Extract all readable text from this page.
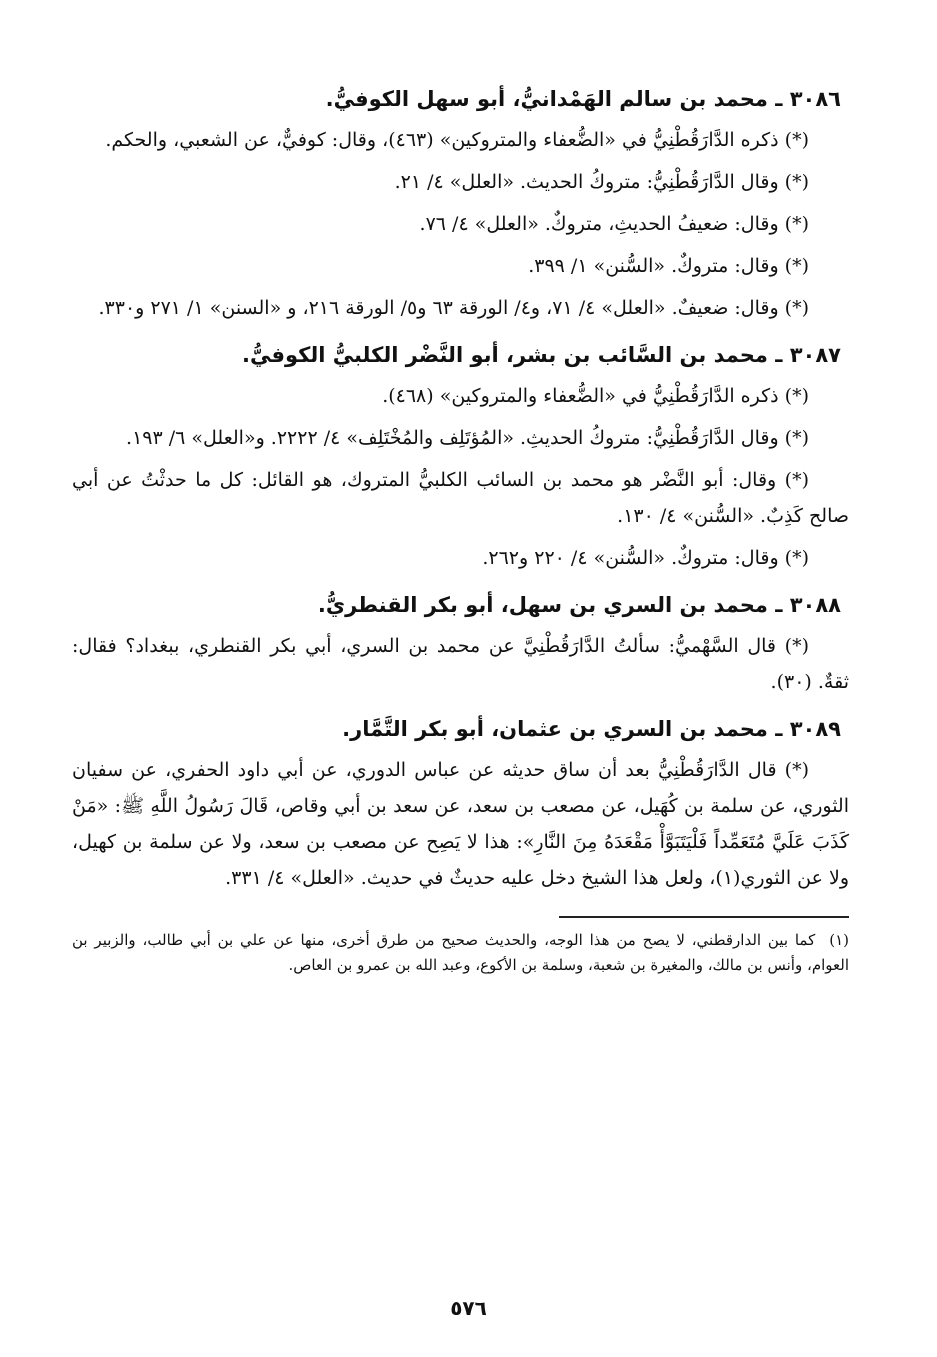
٣٠٨٦ ـ محمد بن سالم الهَمْدانيُّ، أبو سهل الكوفيُّ.

(*) ذكره الدَّارَقُطْنِيُّ في «الضُّعفاء والمتروكين» (٤٦٣)، وقال: كوفيٌّ، عن الشعبي، والحكم.

(*) وقال الدَّارَقُطْنِيُّ: متروكُ الحديث. «العلل» ٤/ ٢١.

(*) وقال: ضعيفُ الحديثِ، متروكٌ. «العلل» ٤/ ٧٦.

(*) وقال: متروكٌ. «السُّنن» ١/ ٣٩٩.

(*) وقال: ضعيفٌ. «العلل» ٤/ ٧١، و٤/ الورقة ٦٣ و٥/ الورقة ٢١٦، و «السنن» ١/ ٢٧١ و٣٣٠.

٣٠٨٧ ـ محمد بن السَّائب بن بشر، أبو النَّضْر الكلبيُّ الكوفيُّ.

(*) ذكره الدَّارَقُطْنِيُّ في «الضُّعفاء والمتروكين» (٤٦٨).

(*) وقال الدَّارَقُطْنِيُّ: متروكُ الحديثِ. «المُؤتَلِف والمُخْتَلِف» ٤/ ٢٢٢٢. و«العلل» ٦/ ١٩٣.

(*) وقال: أبو النَّضْر هو محمد بن السائب الكلبيُّ المتروك، هو القائل: كل ما حدثْتُ عن أبي صالح كَذِبٌ. «السُّنن» ٤/ ١٣٠.

(*) وقال: متروكٌ. «السُّنن» ٤/ ٢٢٠ و٢٦٢.

٣٠٨٨ ـ محمد بن السري بن سهل، أبو بكر القنطريُّ.

(*) قال السَّهْميُّ: سألتُ الدَّارَقُطْنِيَّ عن محمد بن السري، أبي بكر القنطري، ببغداد؟ فقال: ثقةٌ. (٣٠).

٣٠٨٩ ـ محمد بن السري بن عثمان، أبو بكر التَّمَّار.

(*) قال الدَّارَقُطْنِيُّ بعد أن ساق حديثه عن عباس الدوري، عن أبي داود الحفري، عن سفيان الثوري، عن سلمة بن كُهَيل، عن مصعب بن سعد، عن سعد بن أبي وقاص، قَالَ رَسُولُ اللَّهِ ﷺ: «مَنْ كَذَبَ عَلَيَّ مُتَعَمِّداً فَلْيَتَبَوَّأْ مَقْعَدَهُ مِنَ النَّارِ»: هذا لا يَصِح عن مصعب بن سعد، ولا عن سلمة بن كهيل، ولا عن الثوري(١)، ولعل هذا الشيخ دخل عليه حديثٌ في حديث. «العلل» ٤/ ٣٣١.

(١)كما بين الدارقطني، لا يصح من هذا الوجه، والحديث صحيح من طرق أخرى، منها عن علي بن أبي طالب، والزبير بن العوام، وأنس بن مالك، والمغيرة بن شعبة، وسلمة بن الأكوع، وعبد الله بن عمرو بن العاص.
٥٧٦
